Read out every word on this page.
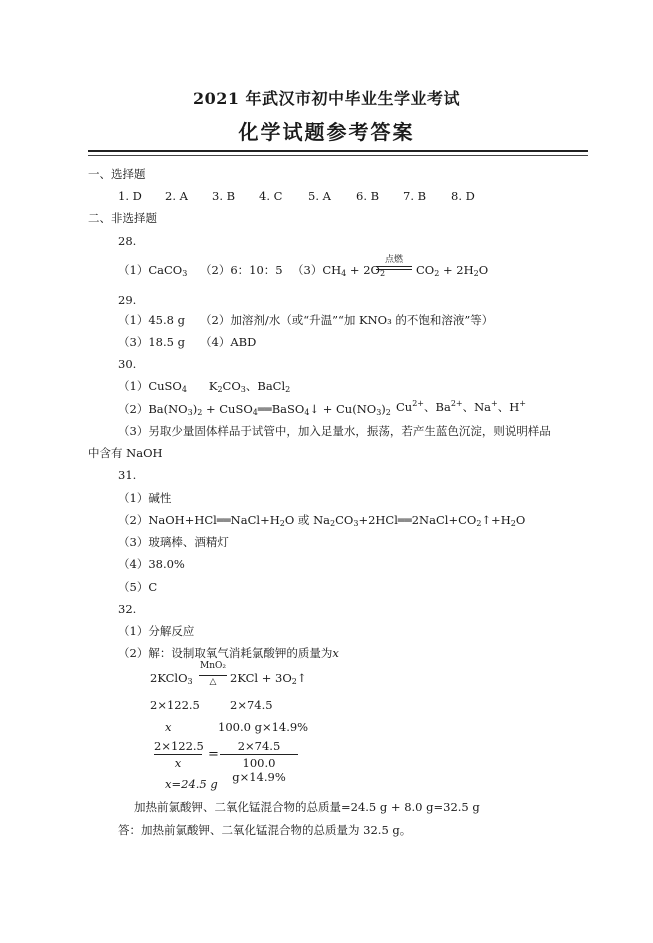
2021 年武汉市初中毕业生学业考试
化学试题参考答案
一、选择题
1. D 2. A 3. B 4. C 5. A 6. B 7. B 8. D
二、非选择题
28.
（1）CaCO$_3$ （2）6：10：5 $(3)CH_4 + 2O_2$
点燃
$CO_2 + 2H_2O$
29.
（1）45.8 g （2）加溶剂/水（或“升温”“加 KNO₃ 的不饱和溶液”等）
（3）18.5 g （4）ABD
30.
（1）CuSO$_4$      $K_2CO_3$、BaCl$_2$
$(2)Ba(NO_3)_2$ + CuSO$_4$══BaSO$_4$↓ + $Cu(NO_3)_2$ $Cu^{2+}$、$Ba^{2+}$、Na+、H+
（3）另取少量固体样品于试管中，加入足量水，振荡，若产生蓝色沉淀，则说明样品
中含有 NaOH
31.
（1）碱性
$(2)NaOH+HCl══NaCl+H_2O$ 或 $Na_2CO_3+2HCl══2NaCl+CO_2↑+H_2O$
（3）玻璃棒、酒精灯
（4）38.0%
（5）C
32.
（1）分解反应
（2）解：设制取氧气消耗氯酸钾的质量为x
2KClO$_3$
MnO₂
△	$2KCl + 3O_2↑$
2×122.5	2×74.5
x	100.0 g×14.9%
2×122.5
x
=
2×74.5
100.0 g×14.9%
x=24.5 g
加热前氯酸钾、二氧化锰混合物的总质量=24.5 g + 8.0 g=32.5 g
答：加热前氯酸钾、二氧化锰混合物的总质量为 32.5 g。
